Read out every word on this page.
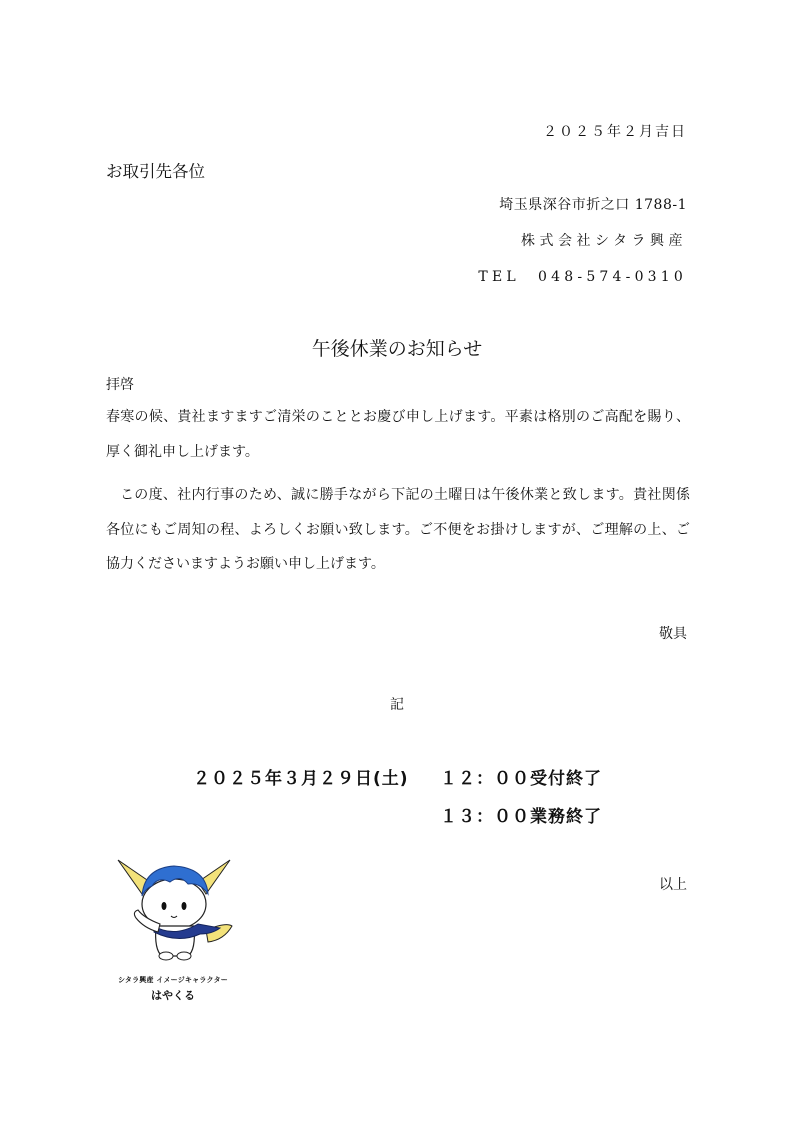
２０２５年２月吉日
お取引先各位
埼玉県深谷市折之口 1788-1
株式会社シタラ興産
TEL　048-574-0310
午後休業のお知らせ
拝啓
春寒の候、貴社ますますご清栄のこととお慶び申し上げます。平素は格別のご高配を賜り、厚く御礼申し上げます。
この度、社内行事のため、誠に勝手ながら下記の土曜日は午後休業と致します。貴社関係各位にもご周知の程、よろしくお願い致します。ご不便をお掛けしますが、ご理解の上、ご協力くださいますようお願い申し上げます。
敬具
記
２０２５年３月２９日(土) １２：００受付終了
１３：００業務終了
以上
シタラ興産 イメージキャラクター
はやくる
